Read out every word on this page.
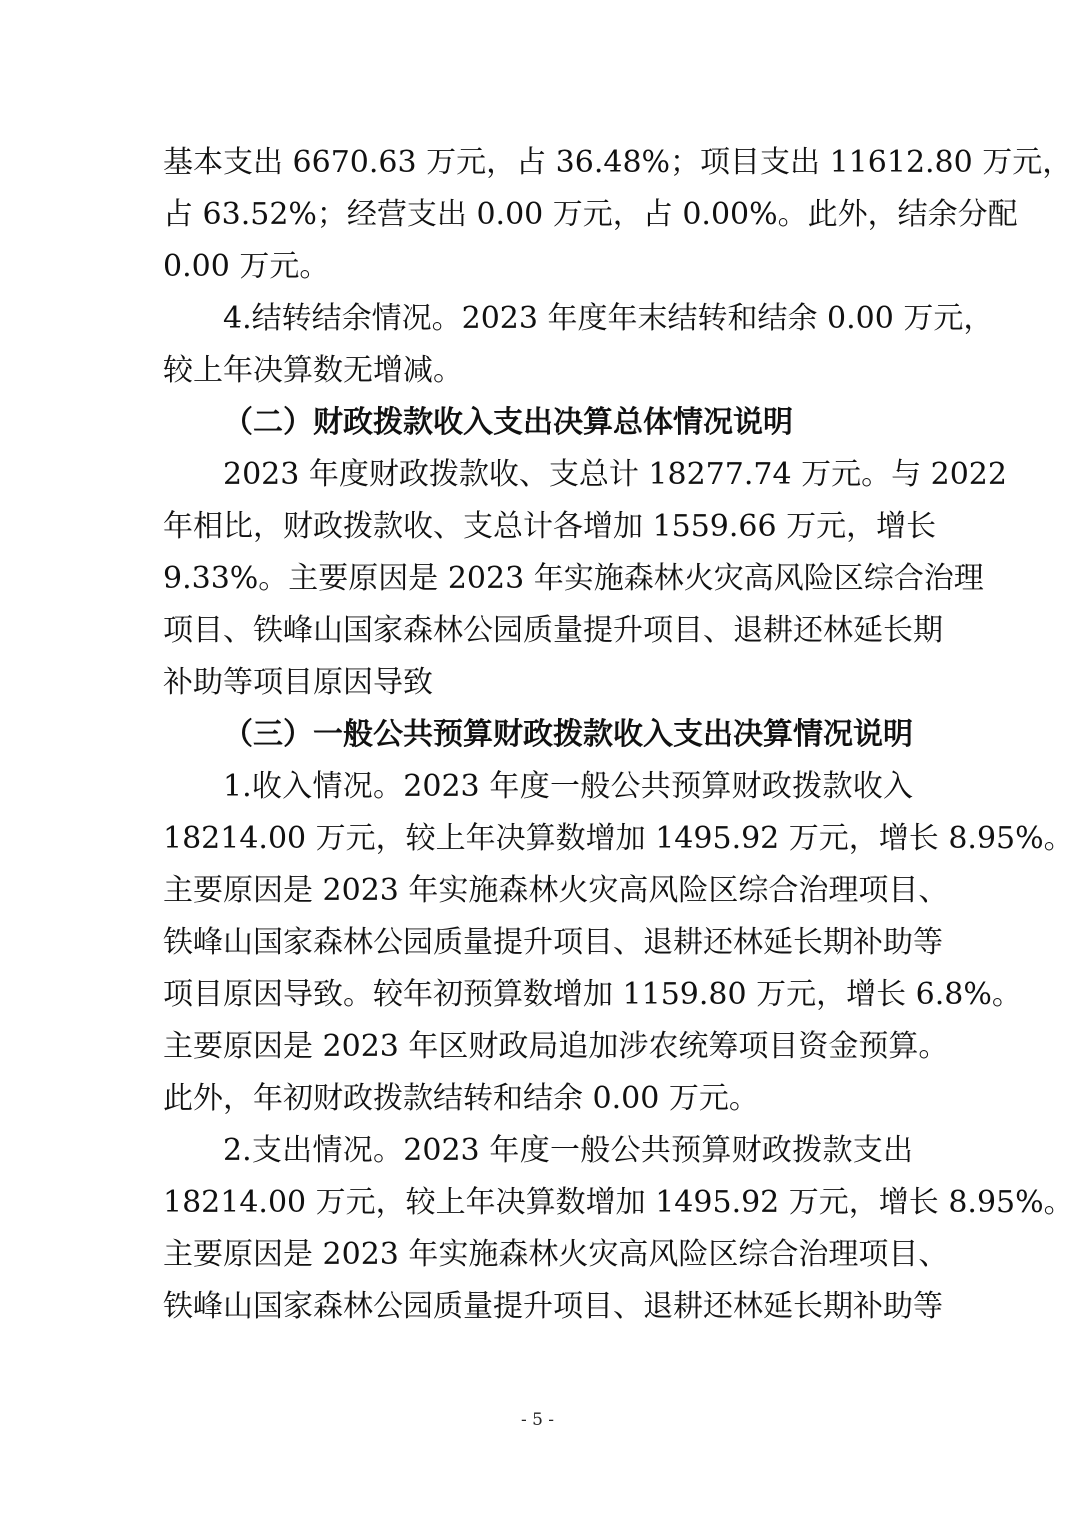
基本支出 6670.63 万元，占 36.48%；项目支出 11612.80 万元，
占 63.52%；经营支出 0.00 万元，占 0.00%。此外，结余分配
0.00 万元。
4.结转结余情况。2023 年度年末结转和结余 0.00 万元，
较上年决算数无增减。
（二）财政拨款收入支出决算总体情况说明
2023 年度财政拨款收、支总计 18277.74 万元。与 2022
年相比，财政拨款收、支总计各增加 1559.66 万元，增长
9.33%。主要原因是 2023 年实施森林火灾高风险区综合治理
项目、铁峰山国家森林公园质量提升项目、退耕还林延长期
补助等项目原因导致
（三）一般公共预算财政拨款收入支出决算情况说明
1.收入情况。2023 年度一般公共预算财政拨款收入
18214.00 万元，较上年决算数增加 1495.92 万元，增长 8.95%。
主要原因是 2023 年实施森林火灾高风险区综合治理项目、
铁峰山国家森林公园质量提升项目、退耕还林延长期补助等
项目原因导致。较年初预算数增加 1159.80 万元，增长 6.8%。
主要原因是 2023 年区财政局追加涉农统筹项目资金预算。
此外，年初财政拨款结转和结余 0.00 万元。
2.支出情况。2023 年度一般公共预算财政拨款支出
18214.00 万元，较上年决算数增加 1495.92 万元，增长 8.95%。
主要原因是 2023 年实施森林火灾高风险区综合治理项目、
铁峰山国家森林公园质量提升项目、退耕还林延长期补助等
- 5 -
